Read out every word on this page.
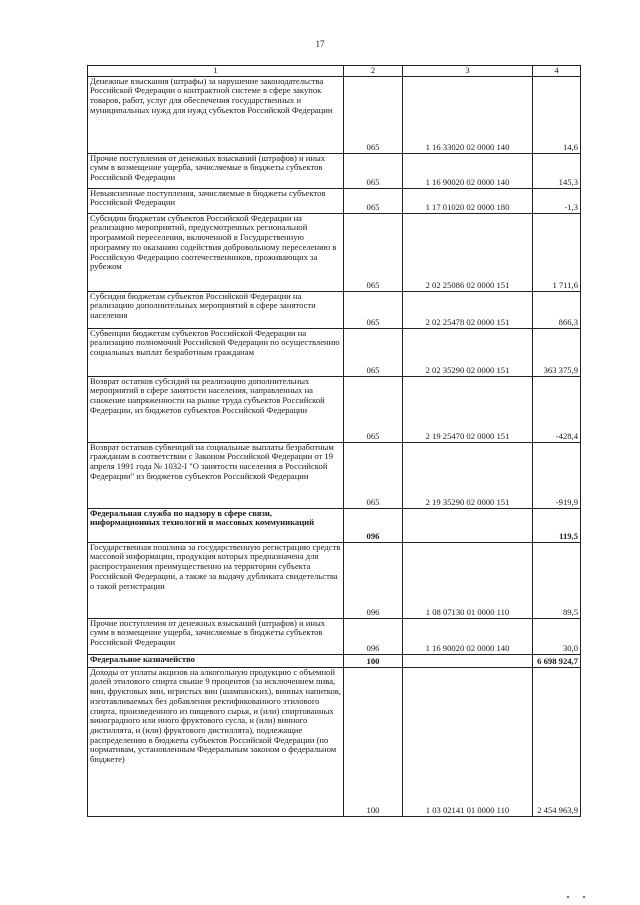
17
1	2	3	4
Денежные взыскания (штрафы) за нарушение законодательства Российской Федерации о контрактной системе в сфере закупок товаров, работ, услуг для обеспечения государственных и муниципальных нужд для нужд субъектов Российской Федерации	065	1 16 33020 02 0000 140	14,6
Прочие поступления от денежных взысканий (штрафов) и иных сумм в возмещение ущерба, зачисляемые в бюджеты субъектов Российской Федерации	065	1 16 90020 02 0000 140	145,3
Невыясненные поступления, зачисляемые в бюджеты субъектов Российской Федерации	065	1 17 01020 02 0000 180	-1,3
Субсидии бюджетам субъектов Российской Федерации на реализацию мероприятий, предусмотренных региональной программой переселения, включенной в Государственную программу по оказанию содействия добровольному переселению в Российскую Федерацию соотечественников, проживающих за рубежом	065	2 02 25086 02 0000 151	1 711,6
Субсидия бюджетам субъектов Российской Федерации на реализацию дополнительных мероприятий в сфере занятости населения	065	2 02 25478 02 0000 151	866,3
Субвенции бюджетам субъектов Российской Федерации на реализацию полномочий Российской Федерации по осуществлению социальных выплат безработным гражданам	065	2 02 35290 02 0000 151	363 375,9
Возврат остатков субсидий на реализацию дополнительных мероприятий в сфере занятости населения, направленных на снижение напряженности на рынке труда субъектов Российской Федерации, из бюджетов субъектов Российской Федерации	065	2 19 25470 02 0000 151	-428,4
Возврат остатков субвенций на социальные выплаты безработным гражданам в соответствии с Законом Российской Федерации от 19 апреля 1991 года № 1032-I "О занятости населения в Российской Федерации" из бюджетов субъектов Российской Федерации	065	2 19 35290 02 0000 151	-919,9
Федеральная служба по надзору в сфере связи, информационных технологий и массовых коммуникаций	096		119,5
Государственная пошлина за государственную регистрацию средств массовой информации, продукция которых предназначена для распространения преимущественно на территории субъекта Российской Федерации, а также за выдачу дубликата свидетельства о такой регистрации	096	1 08 07130 01 0000 110	89,5
Прочие поступления от денежных взысканий (штрафов) и иных сумм в возмещение ущерба, зачисляемые в бюджеты субъектов Российской Федерации	096	1 16 90020 02 0000 140	30,0
Федеральное казначейство	100		6 698 924,7
Доходы от уплаты акцизов на алкогольную продукцию с объемной долей этилового спирта свыше 9 процентов (за исключением пива, вин, фруктовых вин, игристых вин (шампанских), винных напитков, изготавливаемых без добавления ректификованного этилового спирта, произведенного из пищевого сырья, и (или) спиртованных виноградного или иного фруктового сусла, и (или) винного дистиллята, и (или) фруктового дистиллята), подлежащие распределению в бюджеты субъектов Российской Федерации (по нормативам, установленным Федеральным законом о федеральном бюджете)	100	1 03 02141 01 0000 110	2 454 963,9
